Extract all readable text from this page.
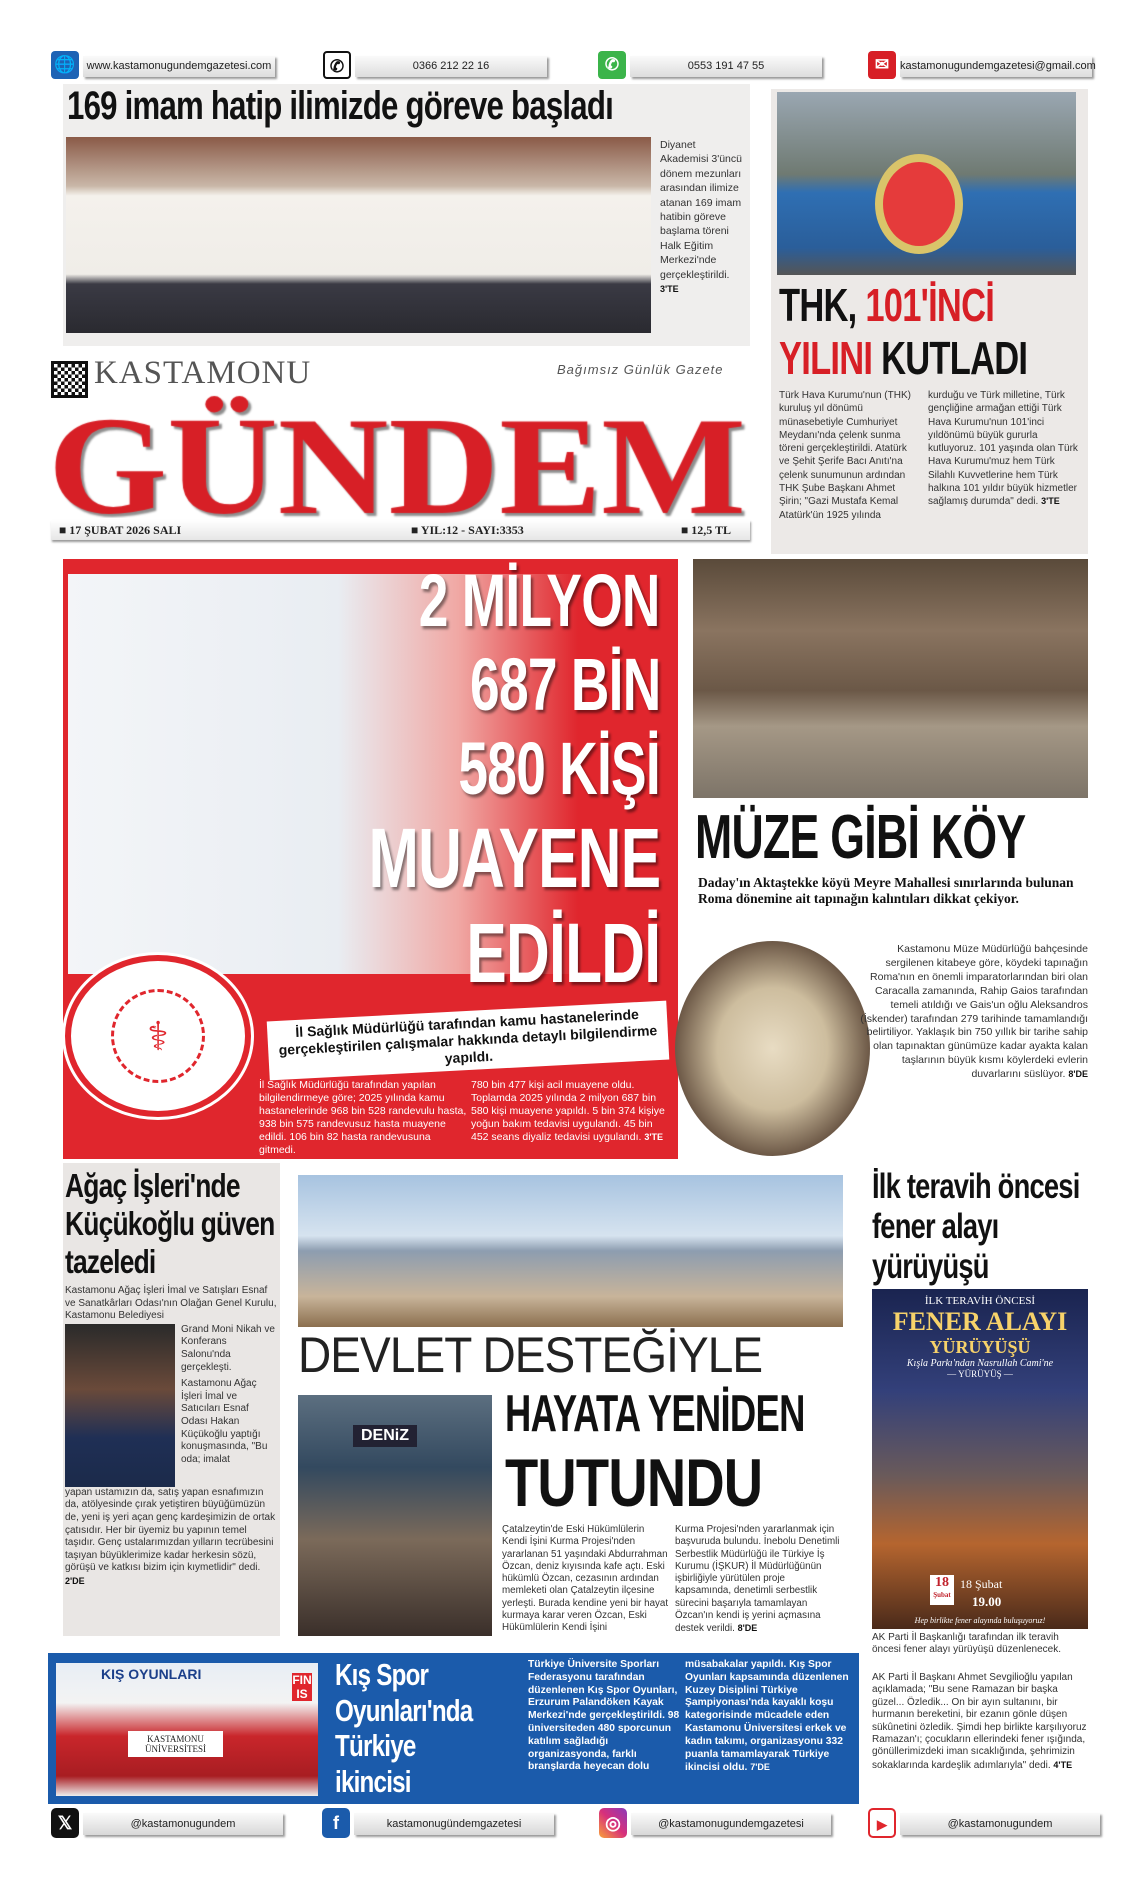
🌐	www.kastamonugundemgazetesi.com	✆	0366 212 22 16	✆	0553 191 47 55	✉ kastamonugundemgazetesi@gmail.com
169 imam hatip ilimizde göreve başladı
Diyanet Akademisi 3'üncü dönem mezunları arasından ilimize atanan 169 imam hatibin göreve başlama töreni Halk Eğitim Merkezi'nde gerçekleştirildi. 3'TE	THK, 101'İNCİ
YILINI KUTLADI
Türk Hava Kurumu'nun (THK) kuruluş yıl dönümü münasebetiyle Cumhuriyet Meydanı'nda çelenk sunma töreni gerçekleştirildi. Atatürk ve Şehit Şerife Bacı Anıtı'na çelenk sunumunun ardından THK Şube Başkanı Ahmet Şirin; "Gazi Mustafa Kemal Atatürk'ün 1925 yılında
kurduğu ve Türk milletine, Türk gençliğine armağan ettiği Türk Hava Kurumu'nun 101'inci yıldönümü büyük gururla kutluyoruz. 101 yaşında olan Türk Hava Kurumu'muz hem Türk Silahlı Kuvvetlerine hem Türk halkına 101 yıldır büyük hizmetler sağlamış durumda" dedi. 3'TE
KASTAMONU	Bağımsız Günlük Gazete
■ 17 ŞUBAT 2026 SALI	■ YIL:12 - SAYI:3353	■ 12,5 TL
2 MİLYON
687 BİN
580 KİŞİ
MUAYENE
EDİLDİ
⚕	İl Sağlık Müdürlüğü tarafından kamu hastanelerinde gerçekleştirilen çalışmalar hakkında detaylı bilgilendirme yapıldı.
İl Sağlık Müdürlüğü tarafından yapılan bilgilendirmeye göre; 2025 yılında kamu hastanelerinde 968 bin 528 randevulu hasta, 938 bin 575 randevusuz hasta muayene edildi. 106 bin 82 hasta randevusuna gitmedi.
780 bin 477 kişi acil muayene oldu. Toplamda 2025 yılında 2 milyon 687 bin 580 kişi muayene yapıldı. 5 bin 374 kişiye yoğun bakım tedavisi uygulandı. 45 bin 452 seans diyaliz tedavisi uygulandı. 3'TE
MÜZE GİBİ KÖY
Daday'ın Aktaştekke köyü Meyre Mahallesi sınırlarında bulunan Roma dönemine ait tapınağın kalıntıları dikkat çekiyor.
Kastamonu Müze Müdürlüğü bahçesinde sergilenen kitabeye göre, köydeki tapınağın Roma'nın en önemli imparatorlarından biri olan Caracalla zamanında, Rahip Gaios tarafından temeli atıldığı ve Gais'un oğlu Aleksandros (İskender) tarafından 279 tarihinde tamamlandığı belirtiliyor. Yaklaşık bin 750 yıllık bir tarihe sahip olan tapınaktan günümüze kadar ayakta kalan taşlarının büyük kısmı köylerdeki evlerin duvarlarını süslüyor. 8'DE
Ağaç İşleri'nde Küçükoğlu güven tazeledi
Kastamonu Ağaç İşleri İmal ve Satışları Esnaf ve Sanatkârları Odası'nın Olağan Genel Kurulu, Kastamonu Belediyesi
Grand Moni Nikah ve Konferans Salonu'nda gerçekleşti.
Kastamonu Ağaç İşleri İmal ve Satıcıları Esnaf Odası Hakan Küçükoğlu yaptığı konuşmasında, "Bu oda; imalat
yapan ustamızın da, satış yapan esnafımızın da, atölyesinde çırak yetiştiren büyüğümüzün de, yeni iş yeri açan genç kardeşimizin de ortak çatısıdır. Her bir üyemiz bu yapının temel taşıdır. Genç ustalarımızdan yılların tecrübesini taşıyan büyüklerimize kadar herkesin sözü, görüşü ve katkısı bizim için kıymetlidir" dedi. 2'DE
DEVLET DESTEĞİYLE
DENiZ HAYATA YENİDEN
TUTUNDU
Çatalzeytin'de Eski Hükümlülerin Kendi İşini Kurma Projesi'nden yararlanan 51 yaşındaki Abdurrahman Özcan, deniz kıyısında kafe açtı. Eski hükümlü Özcan, cezasının ardından memleketi olan Çatalzeytin ilçesine yerleşti. Burada kendine yeni bir hayat kurmaya karar veren Özcan, Eski Hükümlülerin Kendi İşini
Kurma Projesi'nden yararlanmak için başvuruda bulundu. İnebolu Denetimli Serbestlik Müdürlüğü ile Türkiye İş Kurumu (İŞKUR) İl Müdürlüğünün işbirliğiyle yürütülen proje kapsamında, denetimli serbestlik sürecini başarıyla tamamlayan Özcan'ın kendi iş yerini açmasına destek verildi. 8'DE
İlk teravih öncesi fener alayı yürüyüşü
İLK TERAVİH ÖNCESİ
FENER ALAYI
YÜRÜYÜŞÜ
Kışla Parkı'ndan Nasrullah Cami'ne
— YÜRÜYÜŞ —
18
Şubat
18 Şubat
19.00
Hep birlikte fener alayında buluşuyoruz!
AK Parti İl Başkanlığı tarafından ilk teravih öncesi fener alayı yürüyüşü düzenlenecek.
AK Parti İl Başkanı Ahmet Sevgilioğlu yapılan açıklamada; "Bu sene Ramazan bir başka güzel... Özledik... On bir ayın sultanını, bir hurmanın bereketini, bir ezanın gönle düşen sükûnetini özledik. Şimdi hep birlikte karşılıyoruz Ramazan'ı; çocukların ellerindeki fener ışığında, gönüllerimizdeki iman sıcaklığında, şehrimizin sokaklarında kardeşlik adımlarıyla" dedi. 4'TE
KIŞ OYUNLARI
KASTAMONU ÜNİVERSİTESİ
FINIS
Kış Spor
Oyunları'nda
Türkiye
ikincisi
Türkiye Üniversite Sporları Federasyonu tarafından düzenlenen Kış Spor Oyunları, Erzurum Palandöken Kayak Merkezi'nde gerçekleştirildi. 98 üniversiteden 480 sporcunun katılım sağladığı organizasyonda, farklı branşlarda heyecan dolu
müsabakalar yapıldı. Kış Spor Oyunları kapsamında düzenlenen Kuzey Disiplini Türkiye Şampiyonası'nda kayaklı koşu kategorisinde mücadele eden Kastamonu Üniversitesi erkek ve kadın takımı, organizasyonu 332 puanla tamamlayarak Türkiye ikincisi oldu. 7'DE
𝕏	@kastamonugundem	f	kastamonugündemgazetesi	◎	@kastamonugundemgazetesi	▶	@kastamonugundem
